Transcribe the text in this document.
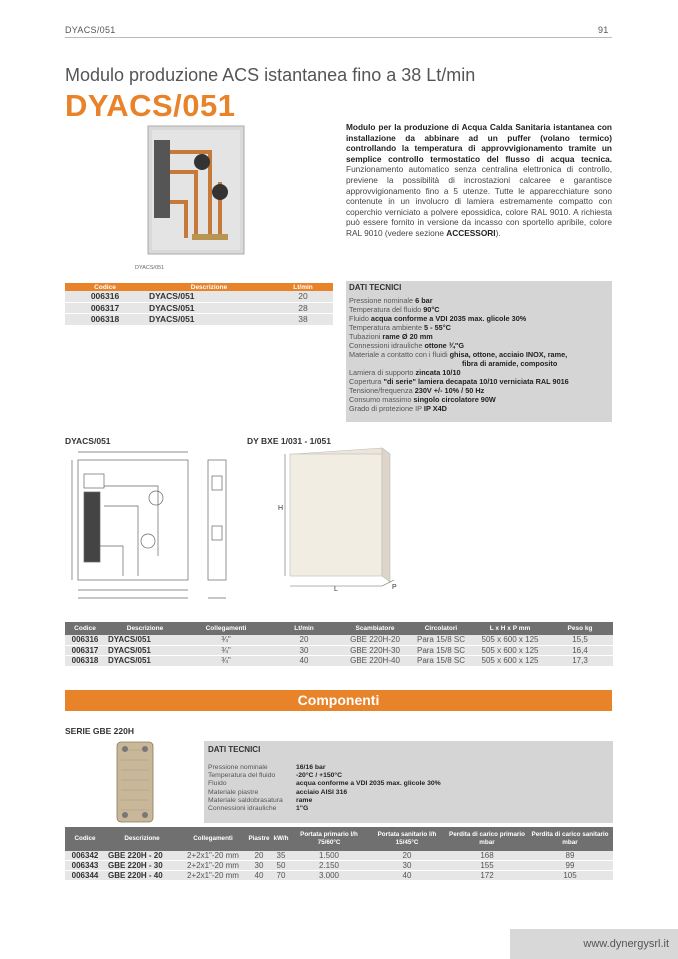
DYACS/051	91
Modulo produzione ACS istantanea fino a 38 Lt/min
DYACS/051
DYACS/051
Modulo per la produzione di Acqua Calda Sanitaria istantanea con installazione da abbinare ad un puffer (volano termico) controllando la temperatura di approvvigionamento tramite un semplice controllo termostatico del flusso di acqua tecnica. Funzionamento automatico senza centralina elettronica di controllo, previene la possibilità di incrostazioni calcaree e garantisce approvvigionamento fino a 5 utenze. Tutte le apparecchiature sono contenute in un involucro di lamiera estremamente compatto con coperchio verniciato a polvere epossidica, colore RAL 9010. A richiesta può essere fornito in versione da incasso con sportello apribile, colore RAL 9010 (vedere sezione ACCESSORI).
Codice	Descrizione	Lt/min
006316	DYACS/051	20
006317	DYACS/051	28
006318	DYACS/051	38
DATI TECNICI
Pressione nominale 6 bar
Temperatura del fluido 90°C
Fluido acqua conforme a VDI 2035 max. glicole 30%
Temperatura ambiente 5 - 55°C
Tubazioni rame Ø 20 mm
Connessioni idrauliche ottone ¾"G
Materiale a contatto con i fluidi ghisa, ottone, acciaio INOX, rame,
fibra di aramide, composito
Lamiera di supporto zincata 10/10
Copertura "di serie" lamiera decapata 10/10 verniciata RAL 9016
Tensione/frequenza 230V +/- 10% / 50 Hz
Consumo massimo singolo circolatore 90W
Grado di protezione IP IP X4D
DYACS/051	DY BXE 1/031 - 1/051
H
L	P
Codice	Descrizione	Collegamenti	Lt/min	Scambiatore	Circolatori	L x H x P mm	Peso kg
006316	DYACS/051	¾"	20	GBE 220H-20	Para 15/8 SC	505 x 600 x 125	15,5
006317	DYACS/051	¾"	30	GBE 220H-30	Para 15/8 SC	505 x 600 x 125	16,4
006318	DYACS/051	¾"	40	GBE 220H-40	Para 15/8 SC	505 x 600 x 125	17,3
Componenti
SERIE GBE 220H
DATI TECNICI
Pressione nominale	16/16 bar
Temperatura del fluido	-20°C / +150°C
Fluido	acqua conforme a VDI 2035 max. glicole 30%
Materiale piastre	acciaio AISI 316
Materiale saldobrasatura rame
Connessioni idrauliche	1"G
Codice	Descrizione	Collegamenti	Piastre	kW/h	Portata primario l/h 75/60°C	Portata sanitario l/h 15/45°C	Perdita di carico primario mbar	Perdita di carico sanitario mbar
006342	GBE 220H - 20	2+2x1"-20 mm	20	35	1.500	20	168	89
006343	GBE 220H - 30	2+2x1"-20 mm	30	50	2.150	30	155	99
006344	GBE 220H - 40	2+2x1"-20 mm	40	70	3.000	40	172	105
www.dynergysrl.it
